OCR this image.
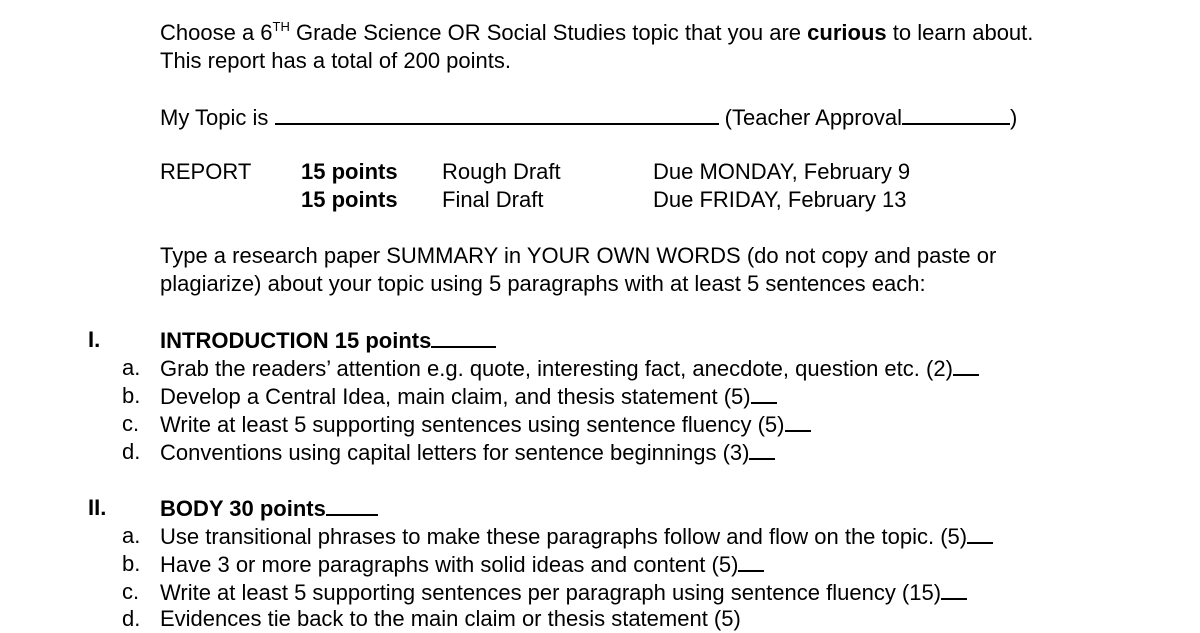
Choose a 6TH Grade Science OR Social Studies topic that you are curious to learn about.
This report has a total of 200 points.
My Topic is	(Teacher Approval	)
REPORT 15 points Rough Draft	Due MONDAY, February 9
15 points Final Draft	Due FRIDAY, February 13
Type a research paper SUMMARY in YOUR OWN WORDS (do not copy and paste or
plagiarize) about your topic using 5 paragraphs with at least 5 sentences each:
I.	INTRODUCTION 15 points
a. Grab the readers’ attention e.g. quote, interesting fact, anecdote, question etc. (2)
b. Develop a Central Idea, main claim, and thesis statement (5)
c. Write at least 5 supporting sentences using sentence fluency (5)
d. Conventions using capital letters for sentence beginnings (3)
II. BODY 30 points
a. Use transitional phrases to make these paragraphs follow and flow on the topic. (5)
b. Have 3 or more paragraphs with solid ideas and content (5)
c. Write at least 5 supporting sentences per paragraph using sentence fluency (15)
d. Evidences tie back to the main claim or thesis statement (5)
